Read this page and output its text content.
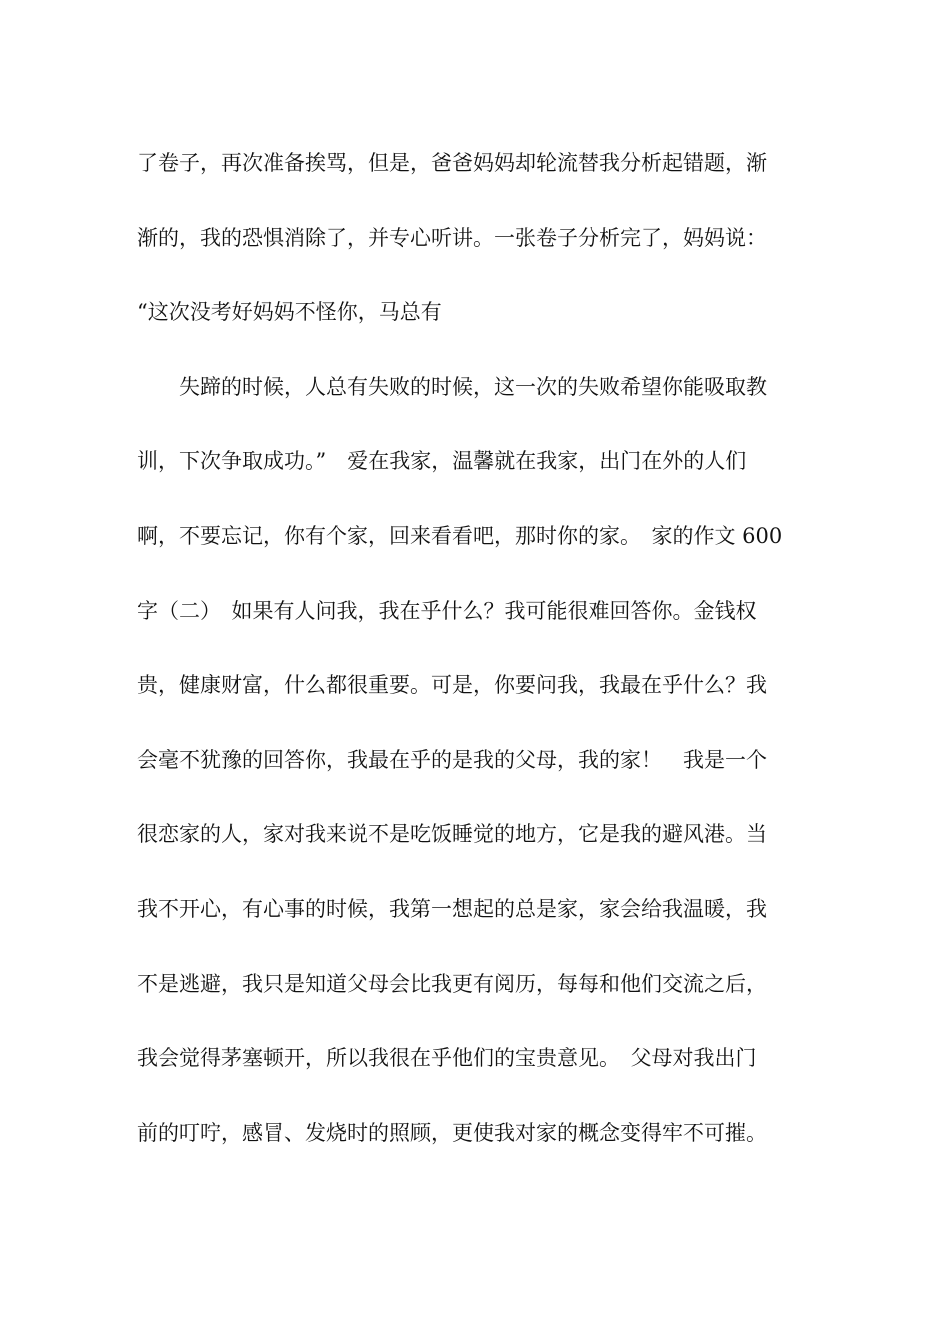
了卷子，再次准备挨骂，但是，爸爸妈妈却轮流替我分析起错题，渐
渐的，我的恐惧消除了，并专心听讲。一张卷子分析完了，妈妈说：
“这次没考好妈妈不怪你，马总有
　　失蹄的时候，人总有失败的时候，这一次的失败希望你能吸取教
训，下次争取成功。”　爱在我家，温馨就在我家，出门在外的人们
啊，不要忘记，你有个家，回来看看吧，那时你的家。　家的作文 600
字（二）　如果有人问我，我在乎什么？我可能很难回答你。金钱权
贵，健康财富，什么都很重要。可是，你要问我，我最在乎什么？我
会毫不犹豫的回答你，我最在乎的是我的父母，我的家！　我是一个
很恋家的人，家对我来说不是吃饭睡觉的地方，它是我的避风港。当
我不开心，有心事的时候，我第一想起的总是家，家会给我温暖，我
不是逃避，我只是知道父母会比我更有阅历，每每和他们交流之后，
我会觉得茅塞顿开，所以我很在乎他们的宝贵意见。　父母对我出门
前的叮咛，感冒、发烧时的照顾，更使我对家的概念变得牢不可摧。
